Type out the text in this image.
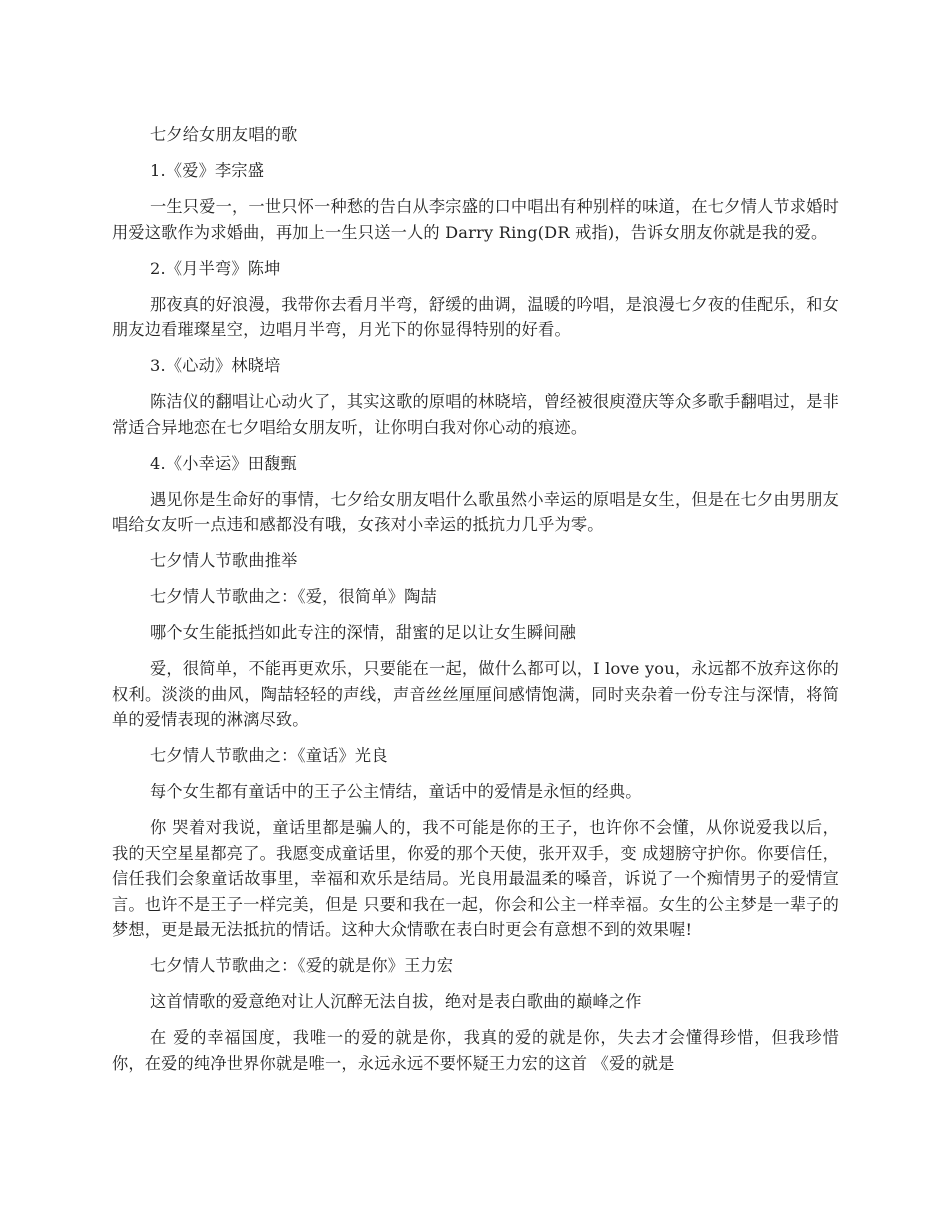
七夕给女朋友唱的歌

1.《爱》李宗盛

一生只爱一，一世只怀一种愁的告白从李宗盛的口中唱出有种别样的味道，在七夕情人节求婚时用爱这歌作为求婚曲，再加上一生只送一人的 Darry Ring(DR 戒指)，告诉女朋友你就是我的爱。

2.《月半弯》陈坤

那夜真的好浪漫，我带你去看月半弯，舒缓的曲调，温暖的吟唱，是浪漫七夕夜的佳配乐，和女朋友边看璀璨星空，边唱月半弯，月光下的你显得特别的好看。

3.《心动》林晓培

陈洁仪的翻唱让心动火了，其实这歌的原唱的林晓培，曾经被很庾澄庆等众多歌手翻唱过，是非常适合异地恋在七夕唱给女朋友听，让你明白我对你心动的痕迹。

4.《小幸运》田馥甄

遇见你是生命好的事情，七夕给女朋友唱什么歌虽然小幸运的原唱是女生，但是在七夕由男朋友唱给女友听一点违和感都没有哦，女孩对小幸运的抵抗力几乎为零。

七夕情人节歌曲推举

七夕情人节歌曲之：《爱，很简单》陶喆

哪个女生能抵挡如此专注的深情，甜蜜的足以让女生瞬间融

爱，很简单，不能再更欢乐，只要能在一起，做什么都可以，I love you，永远都不放弃这你的权利。淡淡的曲风，陶喆轻轻的声线，声音丝丝厘厘间感情饱满，同时夹杂着一份专注与深情，将简单的爱情表现的淋漓尽致。

七夕情人节歌曲之：《童话》光良

每个女生都有童话中的王子公主情结，童话中的爱情是永恒的经典。

你 哭着对我说，童话里都是骗人的，我不可能是你的王子，也许你不会懂，从你说爱我以后，我的天空星星都亮了。我愿变成童话里，你爱的那个天使，张开双手，变 成翅膀守护你。你要信任，信任我们会象童话故事里，幸福和欢乐是结局。光良用最温柔的嗓音，诉说了一个痴情男子的爱情宣言。也许不是王子一样完美，但是 只要和我在一起，你会和公主一样幸福。女生的公主梦是一辈子的梦想，更是最无法抵抗的情话。这种大众情歌在表白时更会有意想不到的效果喔!

七夕情人节歌曲之：《爱的就是你》王力宏

这首情歌的爱意绝对让人沉醉无法自拔，绝对是表白歌曲的巅峰之作

在 爱的幸福国度，我唯一的爱的就是你，我真的爱的就是你，失去才会懂得珍惜，但我珍惜你，在爱的纯净世界你就是唯一，永远永远不要怀疑王力宏的这首 《爱的就是
